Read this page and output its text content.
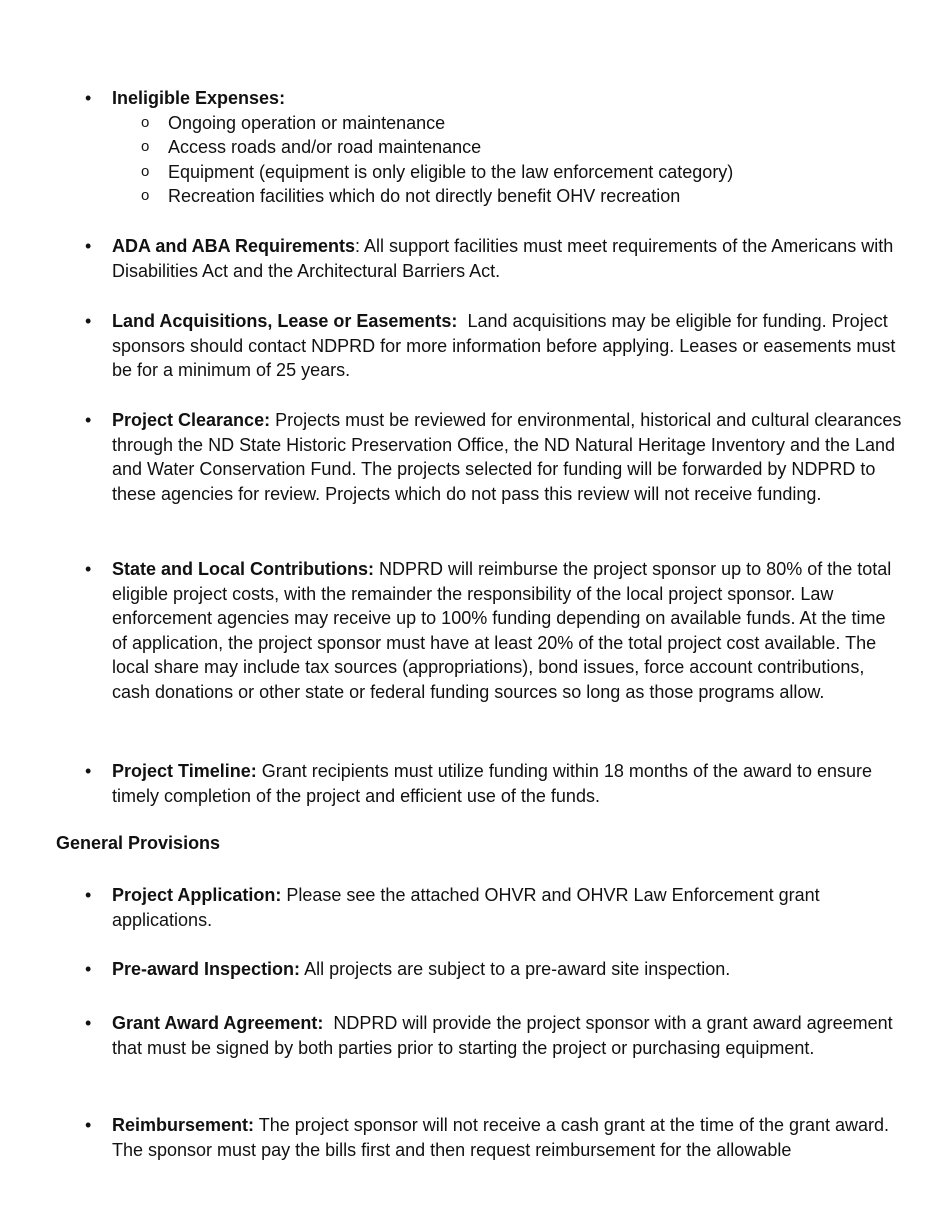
• Ineligible Expenses:
o Ongoing operation or maintenance
o Access roads and/or road maintenance
o Equipment (equipment is only eligible to the law enforcement category)
o Recreation facilities which do not directly benefit OHV recreation
• ADA and ABA Requirements: All support facilities must meet requirements of the Americans with Disabilities Act and the Architectural Barriers Act.
• Land Acquisitions, Lease or Easements: Land acquisitions may be eligible for funding. Project sponsors should contact NDPRD for more information before applying. Leases or easements must be for a minimum of 25 years.
• Project Clearance: Projects must be reviewed for environmental, historical and cultural clearances through the ND State Historic Preservation Office, the ND Natural Heritage Inventory and the Land and Water Conservation Fund. The projects selected for funding will be forwarded by NDPRD to these agencies for review. Projects which do not pass this review will not receive funding.
• State and Local Contributions: NDPRD will reimburse the project sponsor up to 80% of the total eligible project costs, with the remainder the responsibility of the local project sponsor. Law enforcement agencies may receive up to 100% funding depending on available funds. At the time of application, the project sponsor must have at least 20% of the total project cost available. The local share may include tax sources (appropriations), bond issues, force account contributions, cash donations or other state or federal funding sources so long as those programs allow.
• Project Timeline: Grant recipients must utilize funding within 18 months of the award to ensure timely completion of the project and efficient use of the funds.
General Provisions
• Project Application: Please see the attached OHVR and OHVR Law Enforcement grant applications.
• Pre-award Inspection: All projects are subject to a pre-award site inspection.
• Grant Award Agreement: NDPRD will provide the project sponsor with a grant award agreement that must be signed by both parties prior to starting the project or purchasing equipment.
• Reimbursement: The project sponsor will not receive a cash grant at the time of the grant award. The sponsor must pay the bills first and then request reimbursement for the allowable
